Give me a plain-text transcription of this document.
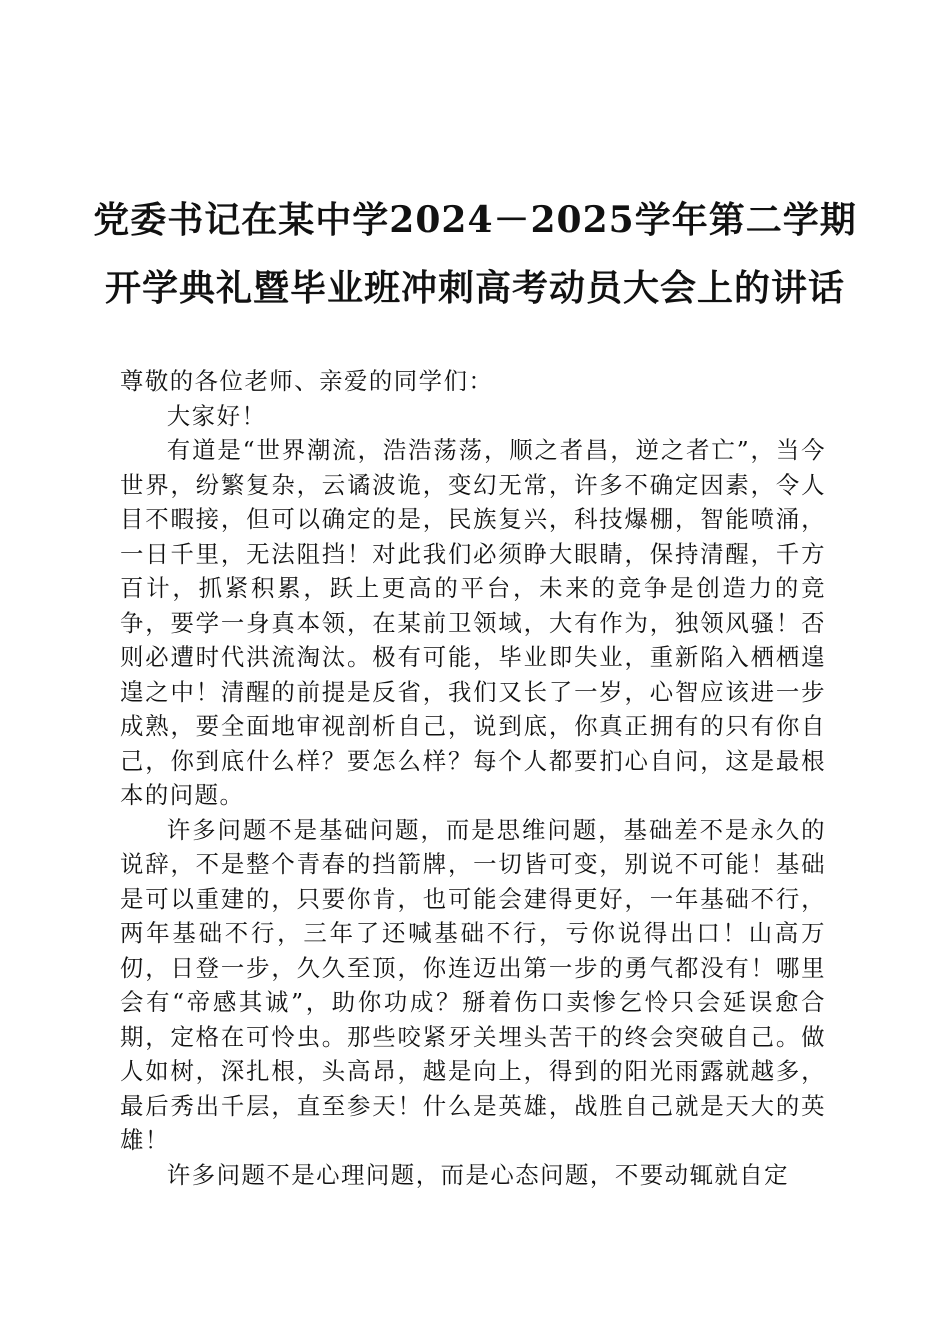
党委书记在某中学2024－2025学年第二学期
开学典礼暨毕业班冲刺高考动员大会上的讲话

尊敬的各位老师、亲爱的同学们：

大家好！

有道是“世界潮流，浩浩荡荡，顺之者昌，逆之者亡”，当今世界，纷繁复杂，云谲波诡，变幻无常，许多不确定因素，令人目不暇接，但可以确定的是，民族复兴，科技爆棚，智能喷涌，一日千里，无法阻挡！对此我们必须睁大眼睛，保持清醒，千方百计，抓紧积累，跃上更高的平台，未来的竞争是创造力的竞争，要学一身真本领，在某前卫领域，大有作为，独领风骚！否则必遭时代洪流淘汰。极有可能，毕业即失业，重新陷入栖栖遑遑之中！清醒的前提是反省，我们又长了一岁，心智应该进一步成熟，要全面地审视剖析自己，说到底，你真正拥有的只有你自己，你到底什么样？要怎么样？每个人都要扪心自问，这是最根本的问题。

许多问题不是基础问题，而是思维问题，基础差不是永久的说辞，不是整个青春的挡箭牌，一切皆可变，别说不可能！基础是可以重建的，只要你肯，也可能会建得更好，一年基础不行，两年基础不行，三年了还喊基础不行，亏你说得出口！山高万仞，日登一步，久久至顶，你连迈出第一步的勇气都没有！哪里会有“帝感其诚”，助你功成？掰着伤口卖惨乞怜只会延误愈合期，定格在可怜虫。那些咬紧牙关埋头苦干的终会突破自己。做人如树，深扎根，头高昂，越是向上，得到的阳光雨露就越多，最后秀出千层，直至参天！什么是英雄，战胜自己就是天大的英雄！

许多问题不是心理问题，而是心态问题，不要动辄就自定
